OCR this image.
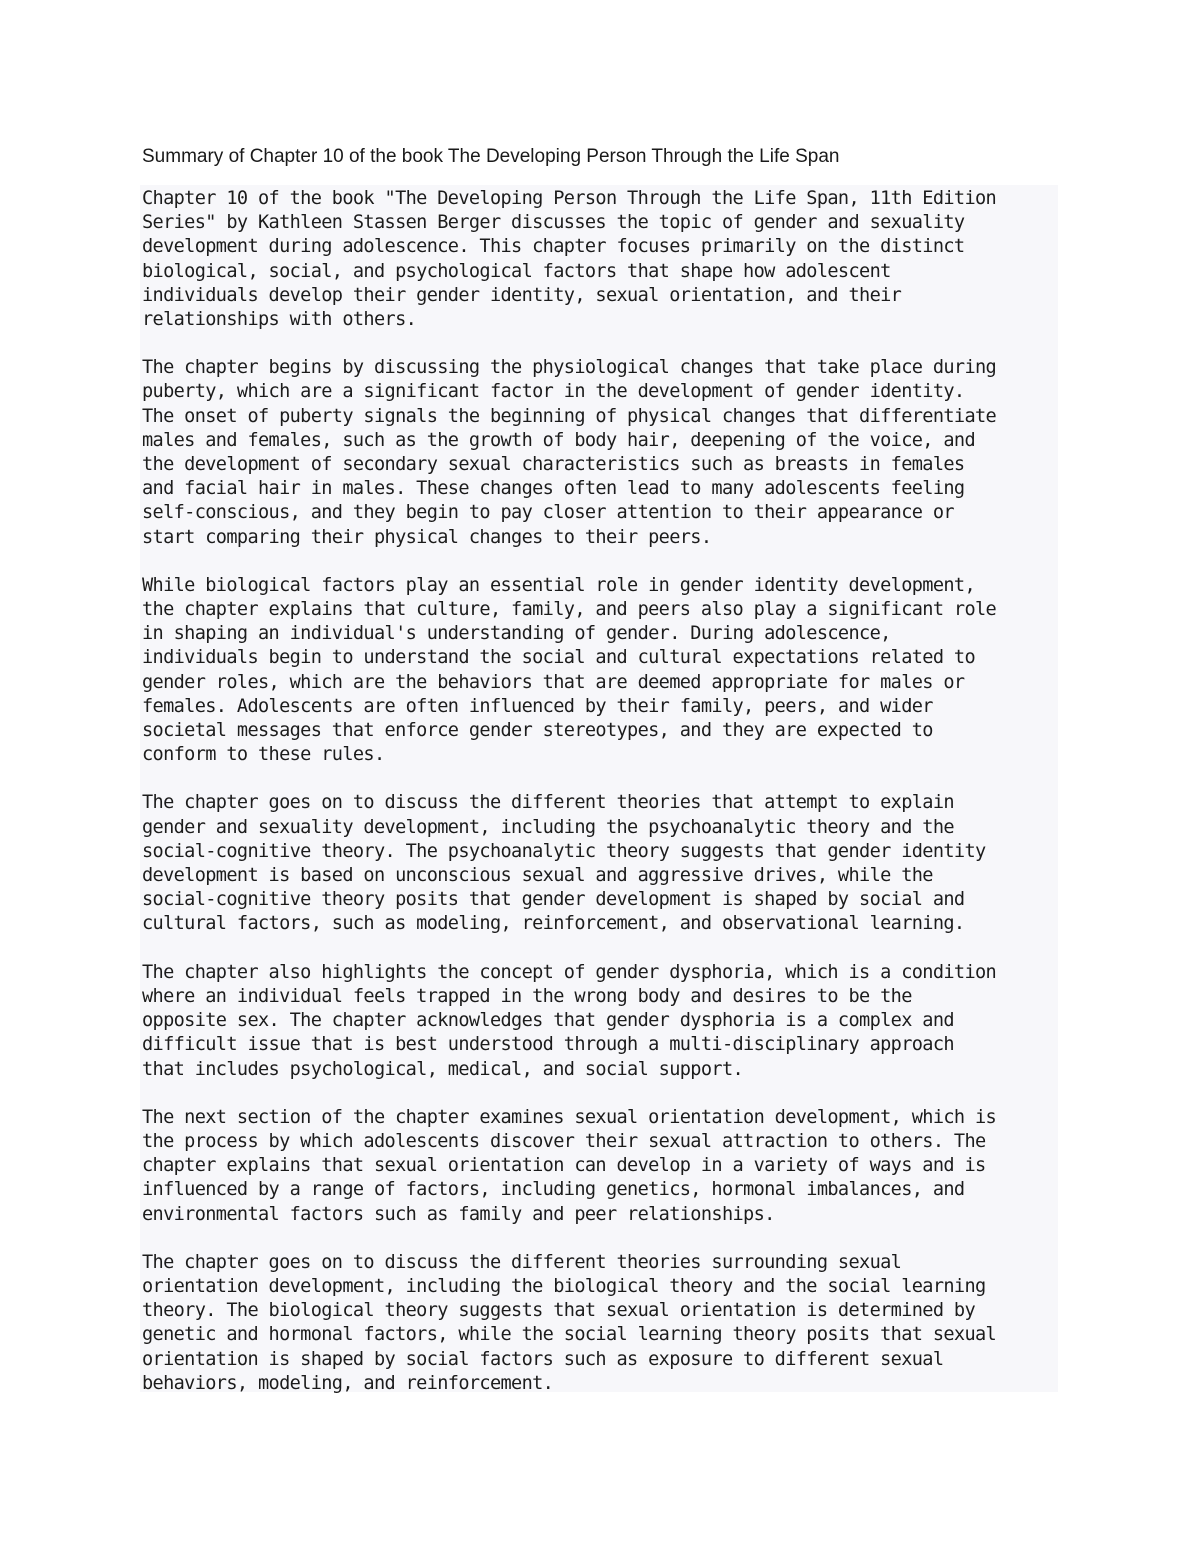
Summary of Chapter 10 of the book The Developing Person Through the Life Span

Chapter 10 of the book "The Developing Person Through the Life Span, 11th Edition
Series" by Kathleen Stassen Berger discusses the topic of gender and sexuality
development during adolescence. This chapter focuses primarily on the distinct
biological, social, and psychological factors that shape how adolescent
individuals develop their gender identity, sexual orientation, and their
relationships with others.

The chapter begins by discussing the physiological changes that take place during
puberty, which are a significant factor in the development of gender identity.
The onset of puberty signals the beginning of physical changes that differentiate
males and females, such as the growth of body hair, deepening of the voice, and
the development of secondary sexual characteristics such as breasts in females
and facial hair in males. These changes often lead to many adolescents feeling
self-conscious, and they begin to pay closer attention to their appearance or
start comparing their physical changes to their peers.

While biological factors play an essential role in gender identity development,
the chapter explains that culture, family, and peers also play a significant role
in shaping an individual's understanding of gender. During adolescence,
individuals begin to understand the social and cultural expectations related to
gender roles, which are the behaviors that are deemed appropriate for males or
females. Adolescents are often influenced by their family, peers, and wider
societal messages that enforce gender stereotypes, and they are expected to
conform to these rules.

The chapter goes on to discuss the different theories that attempt to explain
gender and sexuality development, including the psychoanalytic theory and the
social-cognitive theory. The psychoanalytic theory suggests that gender identity
development is based on unconscious sexual and aggressive drives, while the
social-cognitive theory posits that gender development is shaped by social and
cultural factors, such as modeling, reinforcement, and observational learning.

The chapter also highlights the concept of gender dysphoria, which is a condition
where an individual feels trapped in the wrong body and desires to be the
opposite sex. The chapter acknowledges that gender dysphoria is a complex and
difficult issue that is best understood through a multi-disciplinary approach
that includes psychological, medical, and social support.

The next section of the chapter examines sexual orientation development, which is
the process by which adolescents discover their sexual attraction to others. The
chapter explains that sexual orientation can develop in a variety of ways and is
influenced by a range of factors, including genetics, hormonal imbalances, and
environmental factors such as family and peer relationships.

The chapter goes on to discuss the different theories surrounding sexual
orientation development, including the biological theory and the social learning
theory. The biological theory suggests that sexual orientation is determined by
genetic and hormonal factors, while the social learning theory posits that sexual
orientation is shaped by social factors such as exposure to different sexual
behaviors, modeling, and reinforcement.
